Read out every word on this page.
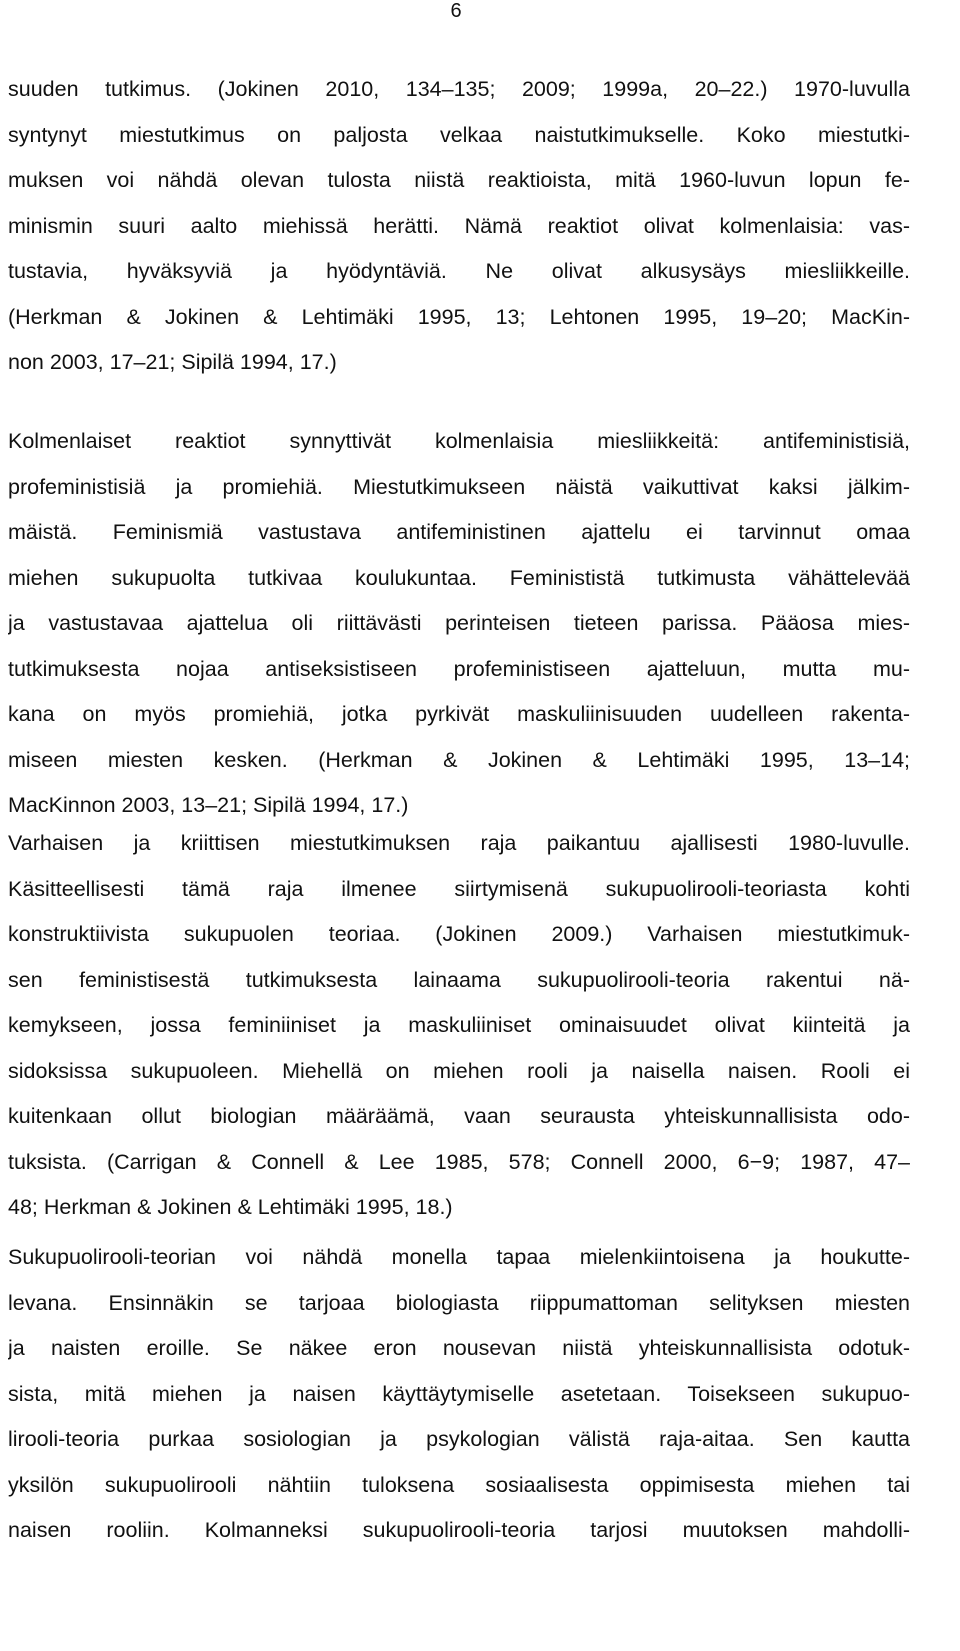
6
suuden tutkimus. (Jokinen 2010, 134–135; 2009; 1999a, 20–22.) 1970-luvulla
syntynyt miestutkimus on paljosta velkaa naistutkimukselle. Koko miestutki-
muksen voi nähdä olevan tulosta niistä reaktioista, mitä 1960-luvun lopun fe-
minismin suuri aalto miehissä herätti. Nämä reaktiot olivat kolmenlaisia: vas-
tustavia, hyväksyviä ja hyödyntäviä. Ne olivat alkusysäys miesliikkeille.
(Herkman & Jokinen & Lehtimäki 1995, 13; Lehtonen 1995, 19–20; MacKin-
non 2003, 17–21; Sipilä 1994, 17.)
Kolmenlaiset reaktiot synnyttivät kolmenlaisia miesliikkeitä: antifeministisiä,
profeministisiä ja promiehiä. Miestutkimukseen näistä vaikuttivat kaksi jälkim-
mäistä. Feminismiä vastustava antifeministinen ajattelu ei tarvinnut omaa
miehen sukupuolta tutkivaa koulukuntaa. Feminististä tutkimusta vähättelevää
ja vastustavaa ajattelua oli riittävästi perinteisen tieteen parissa. Pääosa mies-
tutkimuksesta nojaa antiseksistiseen profeministiseen ajatteluun, mutta mu-
kana on myös promiehiä, jotka pyrkivät maskuliinisuuden uudelleen rakenta-
miseen miesten kesken. (Herkman & Jokinen & Lehtimäki 1995, 13–14;
MacKinnon 2003, 13–21; Sipilä 1994, 17.)
Varhaisen ja kriittisen miestutkimuksen raja paikantuu ajallisesti 1980-luvulle.
Käsitteellisesti tämä raja ilmenee siirtymisenä sukupuolirooli-teoriasta kohti
konstruktiivista sukupuolen teoriaa. (Jokinen 2009.) Varhaisen miestutkimuk-
sen feministisestä tutkimuksesta lainaama sukupuolirooli-teoria rakentui nä-
kemykseen, jossa feminiiniset ja maskuliiniset ominaisuudet olivat kiinteitä ja
sidoksissa sukupuoleen. Miehellä on miehen rooli ja naisella naisen. Rooli ei
kuitenkaan ollut biologian määräämä, vaan seurausta yhteiskunnallisista odo-
tuksista. (Carrigan & Connell & Lee 1985, 578; Connell 2000, 6−9; 1987, 47–
48; Herkman & Jokinen & Lehtimäki 1995, 18.)
Sukupuolirooli-teorian voi nähdä monella tapaa mielenkiintoisena ja houkutte-
levana. Ensinnäkin se tarjoaa biologiasta riippumattoman selityksen miesten
ja naisten eroille. Se näkee eron nousevan niistä yhteiskunnallisista odotuk-
sista, mitä miehen ja naisen käyttäytymiselle asetetaan. Toisekseen sukupuo-
lirooli-teoria purkaa sosiologian ja psykologian välistä raja-aitaa. Sen kautta
yksilön sukupuolirooli nähtiin tuloksena sosiaalisesta oppimisesta miehen tai
naisen rooliin. Kolmanneksi sukupuolirooli-teoria tarjosi muutoksen mahdolli-
